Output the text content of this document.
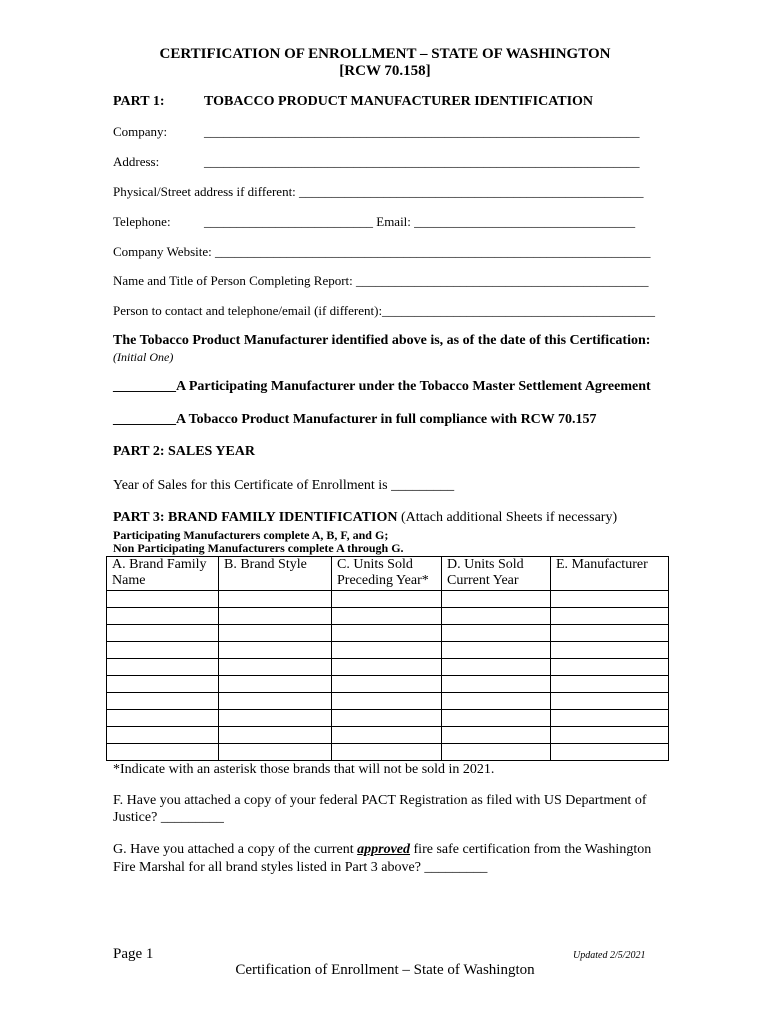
CERTIFICATION OF ENROLLMENT – STATE OF WASHINGTON
[RCW 70.158]
PART 1:	TOBACCO PRODUCT MANUFACTURER IDENTIFICATION
Company:	___________________________________________________________________
Address:	___________________________________________________________________
Physical/Street address if different: _____________________________________________________
Telephone:	__________________________ Email: __________________________________
Company Website: ___________________________________________________________________
Name and Title of Person Completing Report: _____________________________________________
Person to contact and telephone/email (if different):__________________________________________
The Tobacco Product Manufacturer identified above is, as of the date of this Certification:
(Initial One)
_________A Participating Manufacturer under the Tobacco Master Settlement Agreement
_________A Tobacco Product Manufacturer in full compliance with RCW 70.157
PART 2: SALES YEAR
Year of Sales for this Certificate of Enrollment is _________
PART 3: BRAND FAMILY IDENTIFICATION (Attach additional Sheets if necessary)
Participating Manufacturers complete A, B, F, and G;
Non Participating Manufacturers complete A through G.
A. Brand Family Name	B. Brand Style	C. Units Sold Preceding Year*	D. Units Sold Current Year	E. Manufacturer

*Indicate with an asterisk those brands that will not be sold in 2021.
F. Have you attached a copy of your federal PACT Registration as filed with US Department of
Justice? _________
G. Have you attached a copy of the current approved fire safe certification from the Washington
Fire Marshal for all brand styles listed in Part 3 above? _________
Page 1	Updated 2/5/2021
Certification of Enrollment – State of Washington
